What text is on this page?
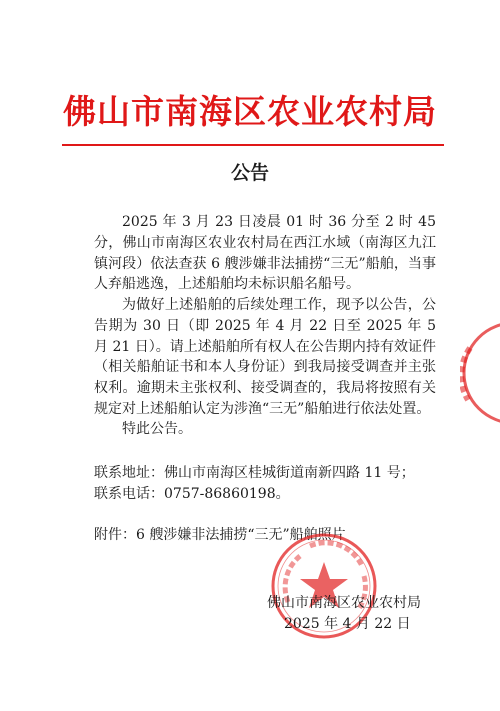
佛山市南海区农业农村局
公告
2025 年 3 月 23 日凌晨 01 时 36 分至 2 时 45 分，佛山市南海区农业农村局在西江水域（南海区九江镇河段）依法查获 6 艘涉嫌非法捕捞“三无”船舶，当事人弃船逃逸，上述船舶均未标识船名船号。
为做好上述船舶的后续处理工作，现予以公告，公告期为 30 日（即 2025 年 4 月 22 日至 2025 年 5 月 21 日）。请上述船舶所有权人在公告期内持有效证件（相关船舶证书和本人身份证）到我局接受调查并主张权利。逾期未主张权利、接受调查的，我局将按照有关规定对上述船舶认定为涉渔“三无”船舶进行依法处置。
特此公告。
联系地址：佛山市南海区桂城街道南新四路 11 号；
联系电话：0757-86860198。
附件：6 艘涉嫌非法捕捞“三无”船舶照片
佛山市南海区农业农村局
2025 年 4 月 22 日
